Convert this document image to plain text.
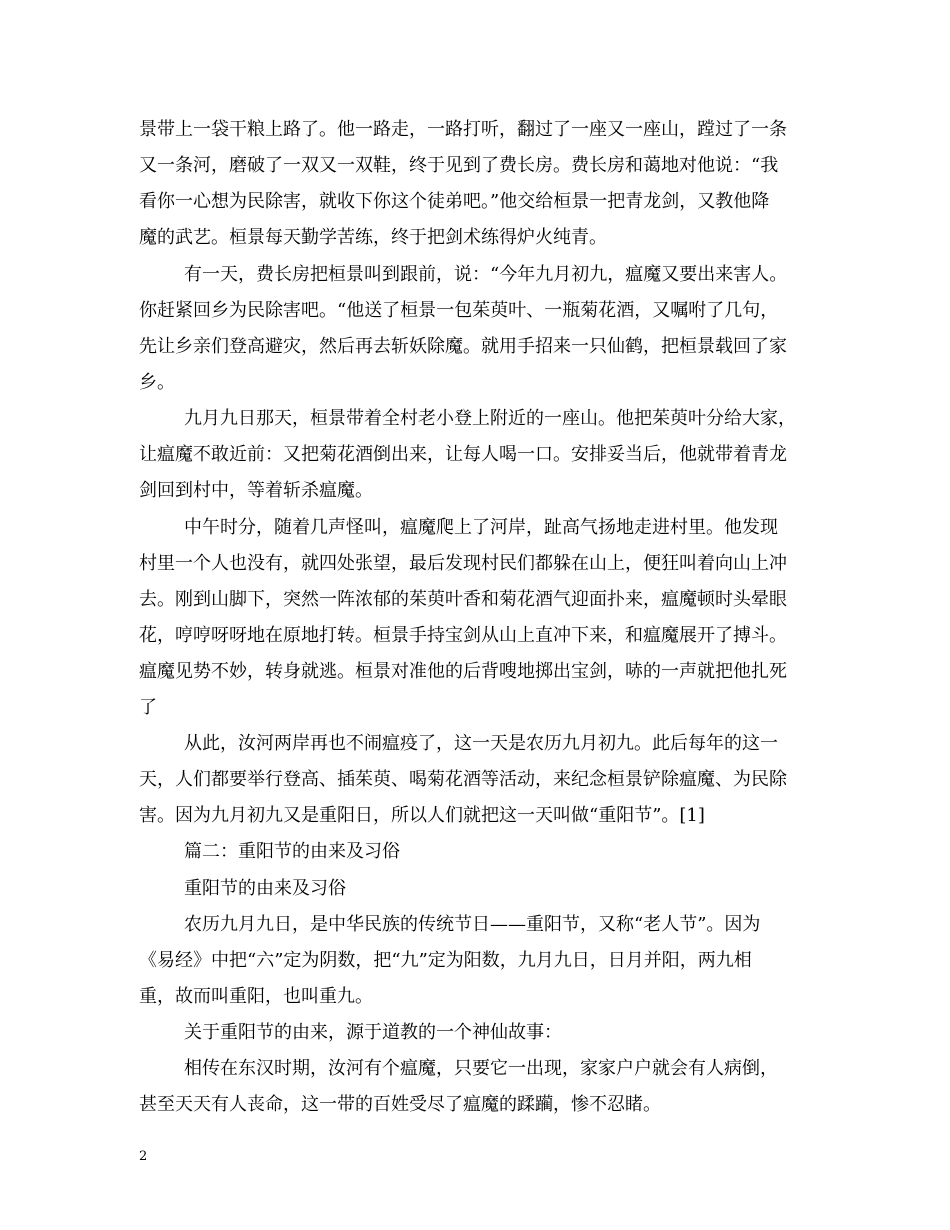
景带上一袋干粮上路了。他一路走，一路打听，翻过了一座又一座山，蹚过了一条
又一条河，磨破了一双又一双鞋，终于见到了费长房。费长房和蔼地对他说：“我
看你一心想为民除害，就收下你这个徒弟吧。”他交给桓景一把青龙剑，又教他降
魔的武艺。桓景每天勤学苦练，终于把剑术练得炉火纯青。
有一天，费长房把桓景叫到跟前，说：“今年九月初九，瘟魔又要出来害人。
你赶紧回乡为民除害吧。“他送了桓景一包茱萸叶、一瓶菊花酒，又嘱咐了几句，
先让乡亲们登高避灾，然后再去斩妖除魔。就用手招来一只仙鹤，把桓景载回了家
乡。
九月九日那天，桓景带着全村老小登上附近的一座山。他把茱萸叶分给大家，
让瘟魔不敢近前：又把菊花酒倒出来，让每人喝一口。安排妥当后，他就带着青龙
剑回到村中，等着斩杀瘟魔。
中午时分，随着几声怪叫，瘟魔爬上了河岸，趾高气扬地走进村里。他发现
村里一个人也没有，就四处张望，最后发现村民们都躲在山上，便狂叫着向山上冲
去。刚到山脚下，突然一阵浓郁的茱萸叶香和菊花酒气迎面扑来，瘟魔顿时头晕眼
花，哼哼呀呀地在原地打转。桓景手持宝剑从山上直冲下来，和瘟魔展开了搏斗。
瘟魔见势不妙，转身就逃。桓景对准他的后背嗖地掷出宝剑，哧的一声就把他扎死
了
从此，汝河两岸再也不闹瘟疫了，这一天是农历九月初九。此后每年的这一
天，人们都要举行登高、插茱萸、喝菊花酒等活动，来纪念桓景铲除瘟魔、为民除
害。因为九月初九又是重阳日，所以人们就把这一天叫做“重阳节”。[1]
篇二：重阳节的由来及习俗
重阳节的由来及习俗
农历九月九日，是中华民族的传统节日——重阳节，又称“老人节”。因为
《易经》中把“六”定为阴数，把“九”定为阳数，九月九日，日月并阳，两九相
重，故而叫重阳，也叫重九。
关于重阳节的由来，源于道教的一个神仙故事：
相传在东汉时期，汝河有个瘟魔，只要它一出现，家家户户就会有人病倒，
甚至天天有人丧命，这一带的百姓受尽了瘟魔的蹂躏，惨不忍睹。
2
